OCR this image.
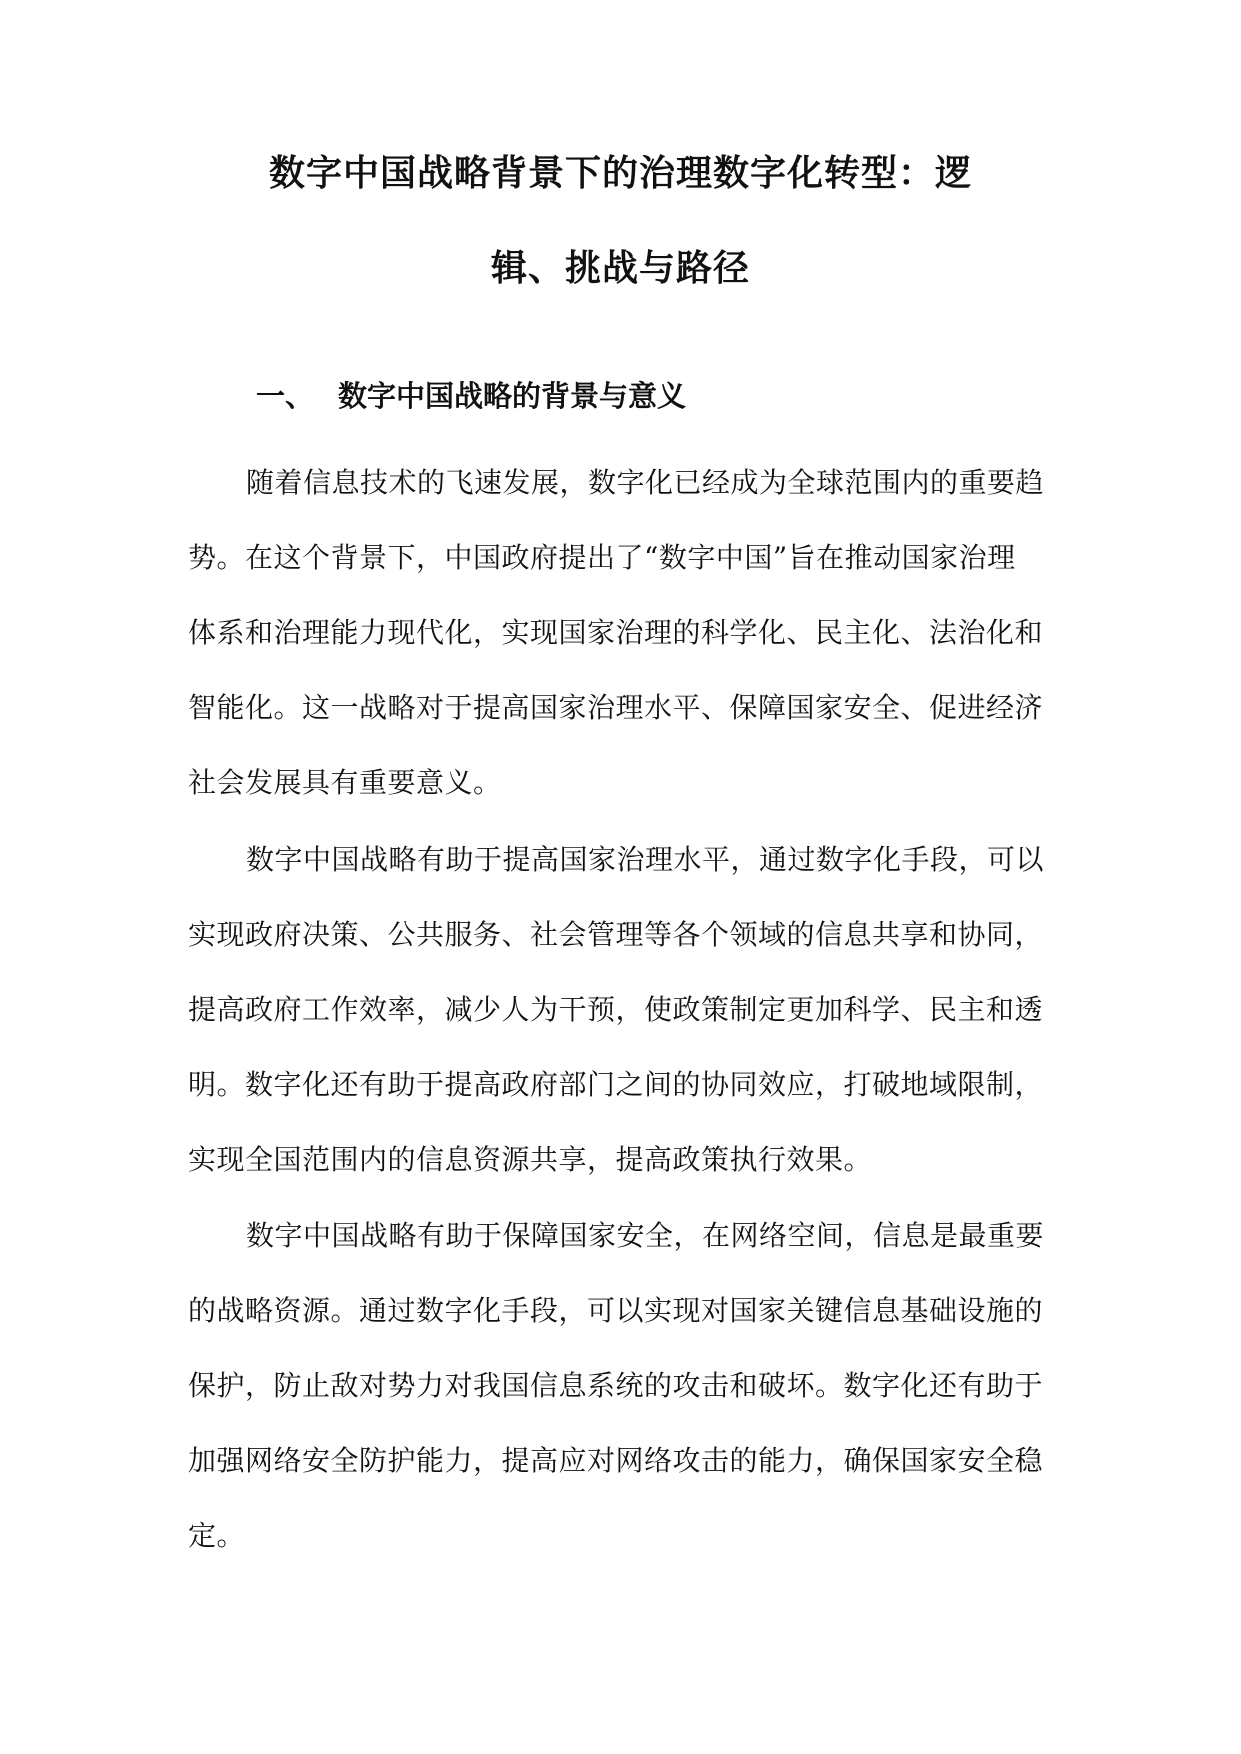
数字中国战略背景下的治理数字化转型：逻
辑、挑战与路径
一、 数字中国战略的背景与意义
随着信息技术的飞速发展，数字化已经成为全球范围内的重要趋
势。在这个背景下，中国政府提出了“数字中国”旨在推动国家治理
体系和治理能力现代化，实现国家治理的科学化、民主化、法治化和
智能化。这一战略对于提高国家治理水平、保障国家安全、促进经济
社会发展具有重要意义。
数字中国战略有助于提高国家治理水平，通过数字化手段，可以
实现政府决策、公共服务、社会管理等各个领域的信息共享和协同，
提高政府工作效率，减少人为干预，使政策制定更加科学、民主和透
明。数字化还有助于提高政府部门之间的协同效应，打破地域限制，
实现全国范围内的信息资源共享，提高政策执行效果。
数字中国战略有助于保障国家安全，在网络空间，信息是最重要
的战略资源。通过数字化手段，可以实现对国家关键信息基础设施的
保护，防止敌对势力对我国信息系统的攻击和破坏。数字化还有助于
加强网络安全防护能力，提高应对网络攻击的能力，确保国家安全稳
定。
